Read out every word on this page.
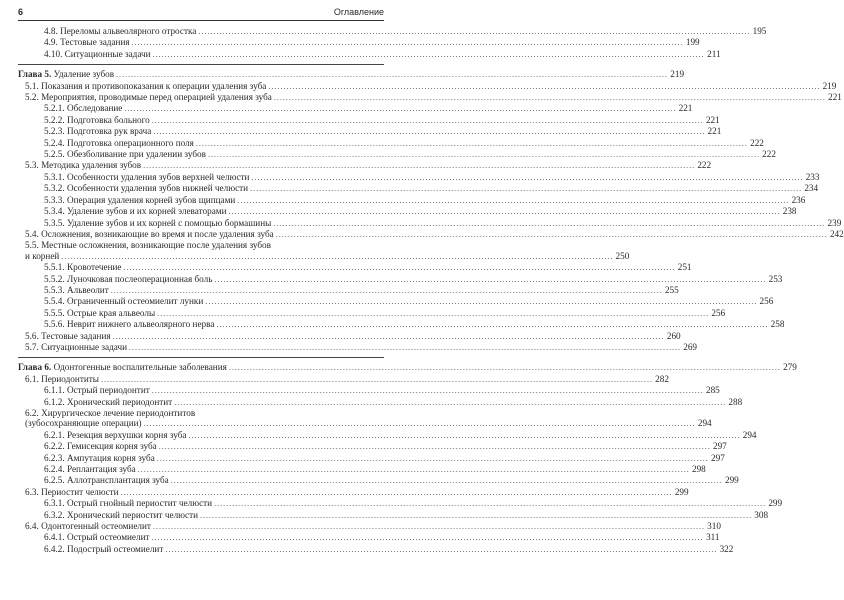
6	Оглавление
4.8. Переломы альвеолярного отростка .....	195
4.9. Тестовые задания .....	199
4.10. Ситуационные задачи .....	211
Глава 5. Удаление зубов .....	219
5.1. Показания и противопоказания к операции удаления зуба .....	219
5.2. Мероприятия, проводимые перед операцией удаления зуба .....	221
5.2.1. Обследование .....	221
5.2.2. Подготовка больного .....	221
5.2.3. Подготовка рук врача .....	221
5.2.4. Подготовка операционного поля .....	222
5.2.5. Обезболивание при удалении зубов .....	222
5.3. Методика удаления зубов .....	222
5.3.1. Особенности удаления зубов верхней челюсти .....	233
5.3.2. Особенности удаления зубов нижней челюсти .....	234
5.3.3. Операция удаления корней зубов щипцами .....	236
5.3.4. Удаление зубов и их корней элеваторами .....	238
5.3.5. Удаление зубов и их корней с помощью бормашины .....	239
5.4. Осложнения, возникающие во время и после удаления зуба .....	242
5.5. Местные осложнения, возникающие после удаления зубов
и корней .....	250
5.5.1. Кровотечение .....	251
5.5.2. Луночковая послеоперационная боль .....	253
5.5.3. Альвеолит .....	255
5.5.4. Ограниченный остеомиелит лунки .....	256
5.5.5. Острые края альвеолы .....	256
5.5.6. Неврит нижнего альвеолярного нерва .....	258
5.6. Тестовые задания .....	260
5.7. Ситуационные задачи .....	269
Глава 6. Одонтогенные воспалительные заболевания .....	279
6.1. Периодонтиты .....	282
6.1.1. Острый периодонтит .....	285
6.1.2. Хронический периодонтит .....	288
6.2. Хирургическое лечение периодонтитов
(зубосохраняющие операции) .....	294
6.2.1. Резекция верхушки корня зуба .....	294
6.2.2. Гемисекция корня зуба .....	297
6.2.3. Ампутация корня зуба .....	297
6.2.4. Реплантация зуба .....	298
6.2.5. Аллотрансплантация зуба .....	299
6.3. Периостит челюсти .....	299
6.3.1. Острый гнойный периостит челюсти .....	299
6.3.2. Хронический периостит челюсти .....	308
6.4. Одонтогенный остеомиелит .....	310
6.4.1. Острый остеомиелит .....	311
6.4.2. Подострый остеомиелит .....	322
